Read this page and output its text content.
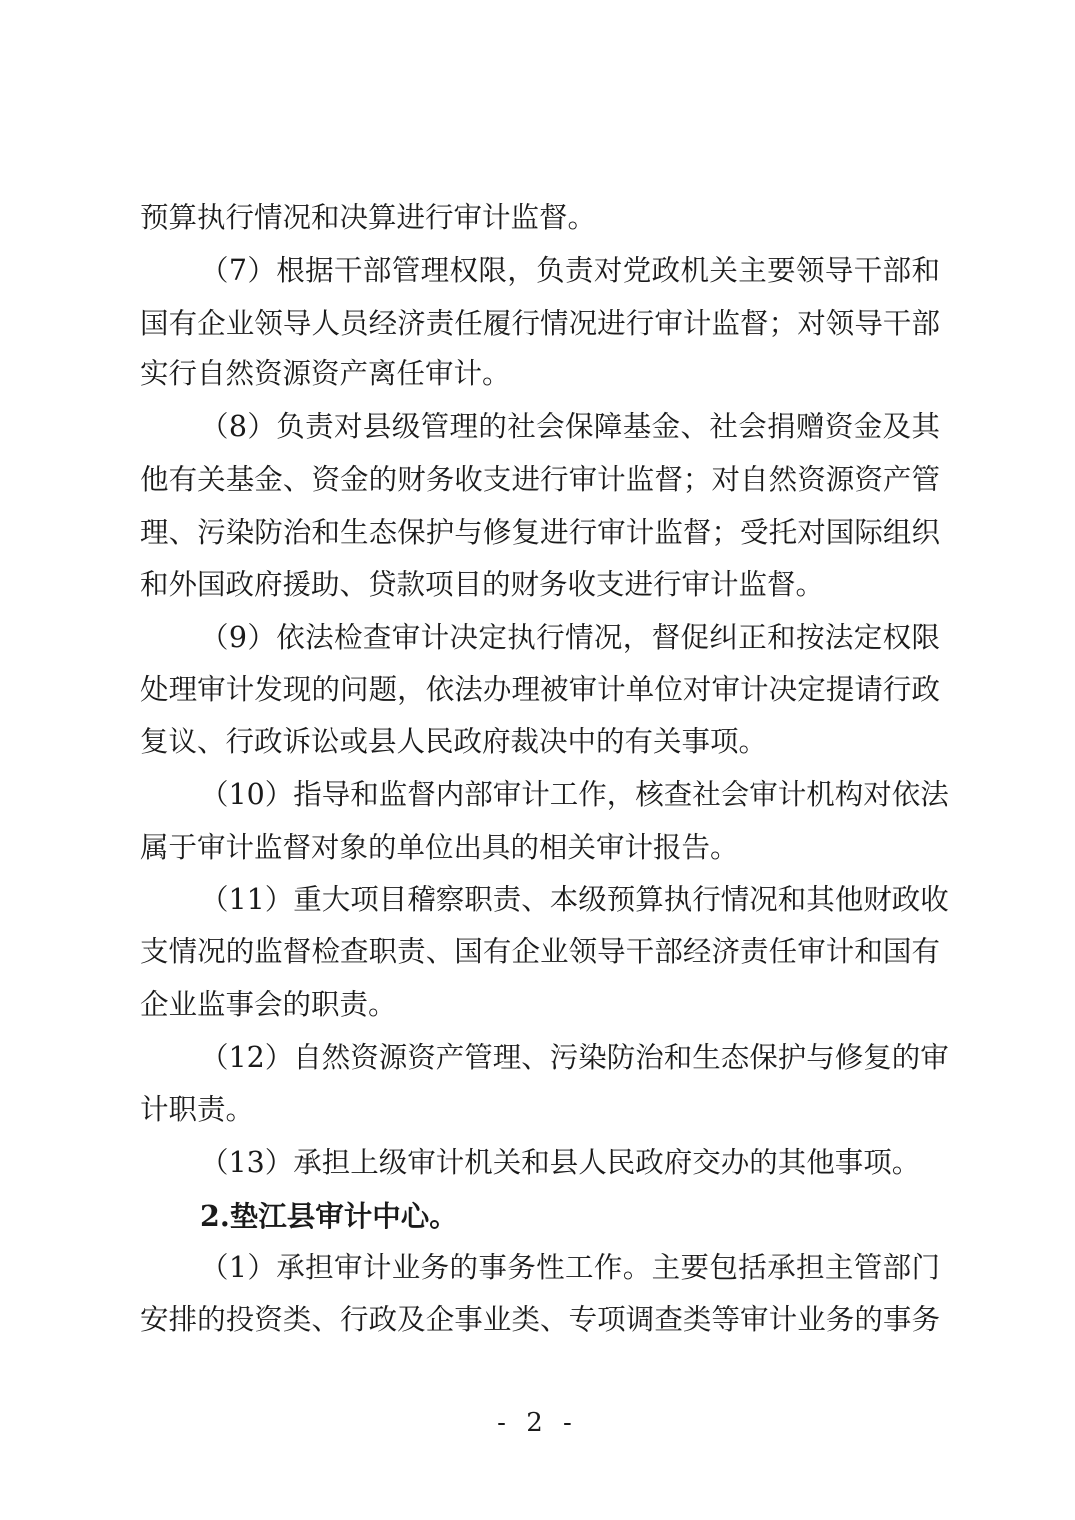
预算执行情况和决算进行审计监督。
（7）根据干部管理权限，负责对党政机关主要领导干部和
国有企业领导人员经济责任履行情况进行审计监督；对领导干部
实行自然资源资产离任审计。
（8）负责对县级管理的社会保障基金、社会捐赠资金及其
他有关基金、资金的财务收支进行审计监督；对自然资源资产管
理、污染防治和生态保护与修复进行审计监督；受托对国际组织
和外国政府援助、贷款项目的财务收支进行审计监督。
（9）依法检查审计决定执行情况，督促纠正和按法定权限
处理审计发现的问题，依法办理被审计单位对审计决定提请行政
复议、行政诉讼或县人民政府裁决中的有关事项。
（10）指导和监督内部审计工作，核查社会审计机构对依法
属于审计监督对象的单位出具的相关审计报告。
（11）重大项目稽察职责、本级预算执行情况和其他财政收
支情况的监督检查职责、国有企业领导干部经济责任审计和国有
企业监事会的职责。
（12）自然资源资产管理、污染防治和生态保护与修复的审
计职责。
（13）承担上级审计机关和县人民政府交办的其他事项。
2.垫江县审计中心。
（1）承担审计业务的事务性工作。主要包括承担主管部门
安排的投资类、行政及企事业类、专项调查类等审计业务的事务
- 2 -
